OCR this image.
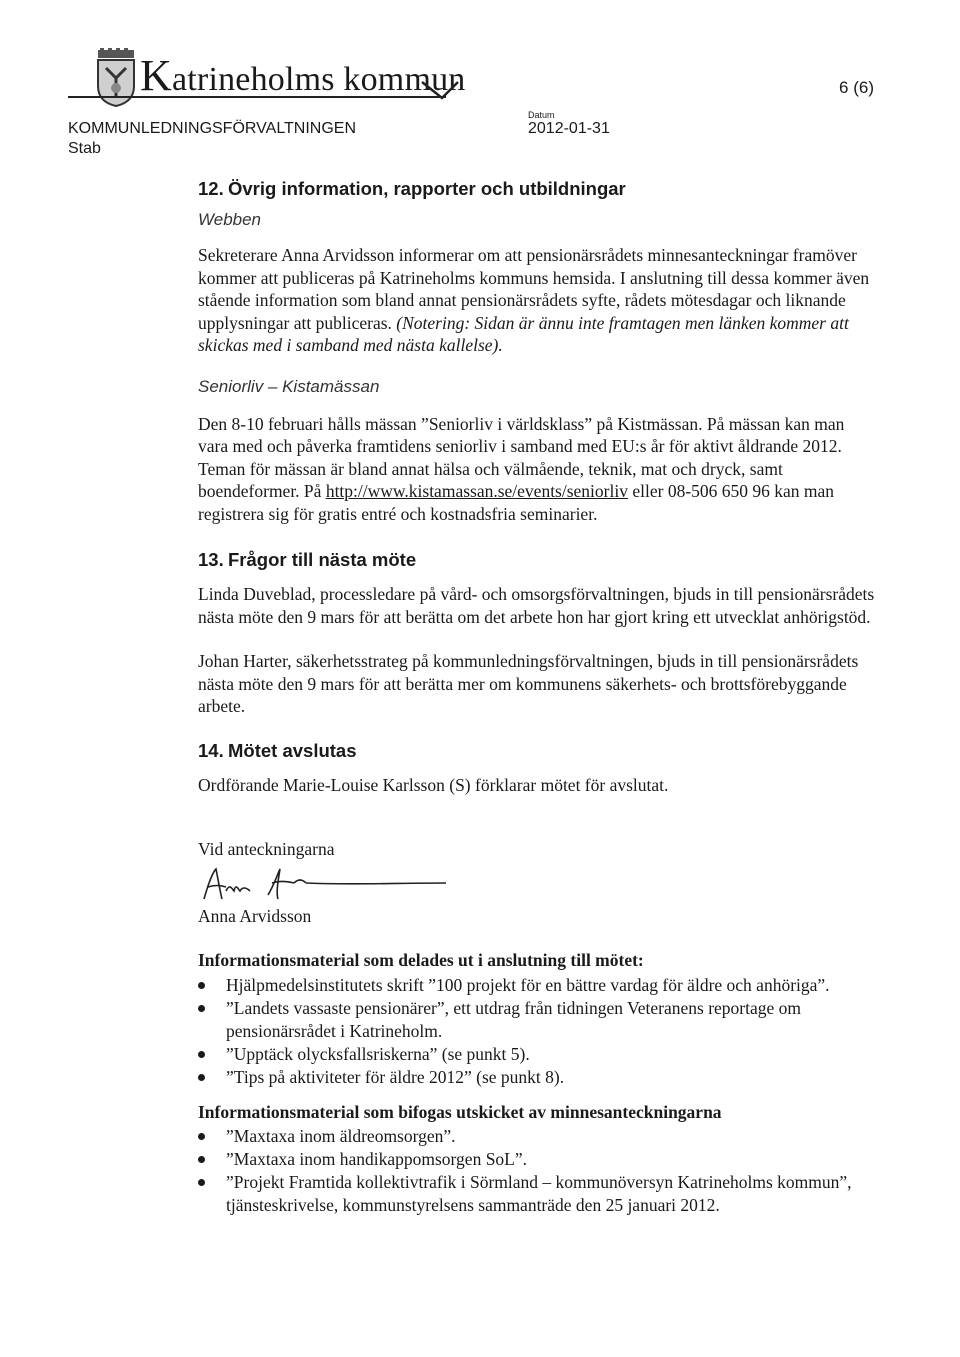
Katrineholms kommun	6 (6)
KOMMUNLEDNINGSFÖRVALTNINGEN
Stab
Datum
2012-01-31
12. Övrig information, rapporter och utbildningar
Webben

Sekreterare Anna Arvidsson informerar om att pensionärsrådets minnesanteckningar framöver kommer att publiceras på Katrineholms kommuns hemsida. I anslutning till dessa kommer även stående information som bland annat pensionärsrådets syfte, rådets mötesdagar och liknande upplysningar att publiceras. (Notering: Sidan är ännu inte framtagen men länken kommer att skickas med i samband med nästa kallelse).

Seniorliv – Kistamässan

Den 8-10 februari hålls mässan ”Seniorliv i världsklass” på Kistmässan. På mässan kan man vara med och påverka framtidens seniorliv i samband med EU:s år för aktivt åldrande 2012. Teman för mässan är bland annat hälsa och välmående, teknik, mat och dryck, samt boendeformer. På http://www.kistamassan.se/events/seniorliv eller 08-506 650 96 kan man registrera sig för gratis entré och kostnadsfria seminarier.

13. Frågor till nästa möte

Linda Duveblad, processledare på vård- och omsorgsförvaltningen, bjuds in till pensionärsrådets nästa möte den 9 mars för att berätta om det arbete hon har gjort kring ett utvecklat anhörigstöd.

Johan Harter, säkerhetsstrateg på kommunledningsförvaltningen, bjuds in till pensionärsrådets nästa möte den 9 mars för att berätta mer om kommunens säkerhets- och brottsförebyggande arbete.

14. Mötet avslutas

Ordförande Marie-Louise Karlsson (S) förklarar mötet för avslutat.

Vid anteckningarna

Anna Arvidsson

Informationsmaterial som delades ut i anslutning till mötet:

Hjälpmedelsinstitutets skrift ”100 projekt för en bättre vardag för äldre och anhöriga”.
”Landets vassaste pensionärer”, ett utdrag från tidningen Veteranens reportage om pensionärsrådet i Katrineholm.
”Upptäck olycksfallsriskerna” (se punkt 5).
”Tips på aktiviteter för äldre 2012” (se punkt 8).

Informationsmaterial som bifogas utskicket av minnesanteckningarna

”Maxtaxa inom äldreomsorgen”.
”Maxtaxa inom handikappomsorgen SoL”.
”Projekt Framtida kollektivtrafik i Sörmland – kommunöversyn Katrineholms kommun”, tjänsteskrivelse, kommunstyrelsens sammanträde den 25 januari 2012.
